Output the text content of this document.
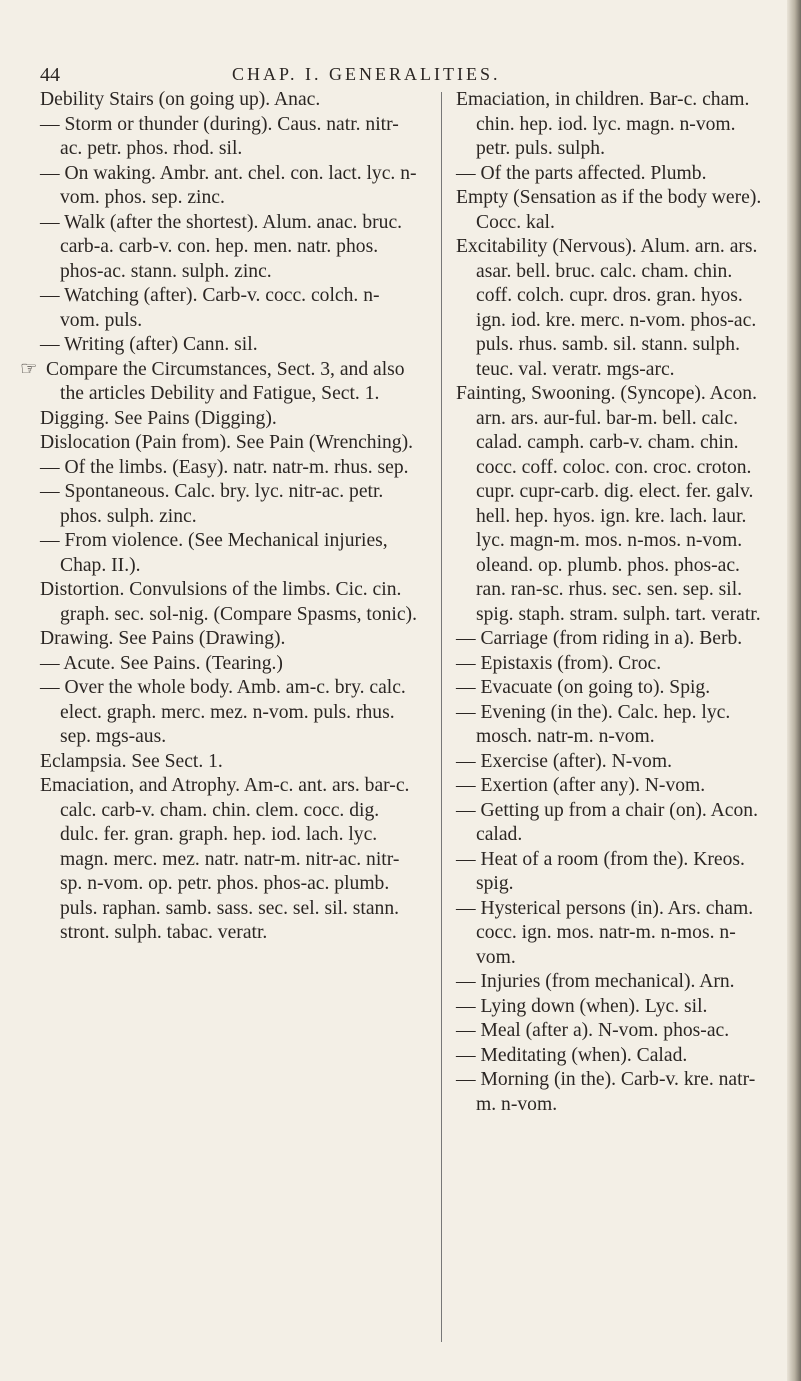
44	CHAP. I. GENERALITIES.

Debility Stairs (on going up). Anac.

— Storm or thunder (during). Caus. natr. nitr-ac. petr. phos. rhod. sil.

— On waking. Ambr. ant. chel. con. lact. lyc. n-vom. phos. sep. zinc.

— Walk (after the shortest). Alum. anac. bruc. carb-a. carb-v. con. hep. men. natr. phos. phos-ac. stann. sulph. zinc.

— Watching (after). Carb-v. cocc. colch. n-vom. puls.

— Writing (after) Cann. sil.

☞ Compare the Circumstances, Sect. 3, and also the articles Debility and Fatigue, Sect. 1.

Digging. See Pains (Digging).

Dislocation (Pain from). See Pain (Wrenching).

— Of the limbs. (Easy). natr. natr-m. rhus. sep.

— Spontaneous. Calc. bry. lyc. nitr-ac. petr. phos. sulph. zinc.

— From violence. (See Mechanical injuries, Chap. II.).

Distortion. Convulsions of the limbs. Cic. cin. graph. sec. sol-nig. (Compare Spasms, tonic).

Drawing. See Pains (Drawing).

— Acute. See Pains. (Tearing.)

— Over the whole body. Amb. am-c. bry. calc. elect. graph. merc. mez. n-vom. puls. rhus. sep. mgs-aus.

Eclampsia. See Sect. 1.

Emaciation, and Atrophy. Am-c. ant. ars. bar-c. calc. carb-v. cham. chin. clem. cocc. dig. dulc. fer. gran. graph. hep. iod. lach. lyc. magn. merc. mez. natr. natr-m. nitr-ac. nitr-sp. n-vom. op. petr. phos. phos-ac. plumb. puls. raphan. samb. sass. sec. sel. sil. stann. stront. sulph. tabac. veratr.

Emaciation, in children. Bar-c. cham. chin. hep. iod. lyc. magn. n-vom. petr. puls. sulph.

— Of the parts affected. Plumb.

Empty (Sensation as if the body were). Cocc. kal.

Excitability (Nervous). Alum. arn. ars. asar. bell. bruc. calc. cham. chin. coff. colch. cupr. dros. gran. hyos. ign. iod. kre. merc. n-vom. phos-ac. puls. rhus. samb. sil. stann. sulph. teuc. val. veratr. mgs-arc.

Fainting, Swooning. (Syncope). Acon. arn. ars. aur-ful. bar-m. bell. calc. calad. camph. carb-v. cham. chin. cocc. coff. coloc. con. croc. croton. cupr. cupr-carb. dig. elect. fer. galv. hell. hep. hyos. ign. kre. lach. laur. lyc. magn-m. mos. n-mos. n-vom. oleand. op. plumb. phos. phos-ac. ran. ran-sc. rhus. sec. sen. sep. sil. spig. staph. stram. sulph. tart. veratr.

— Carriage (from riding in a). Berb.

— Epistaxis (from). Croc.

— Evacuate (on going to). Spig.

— Evening (in the). Calc. hep. lyc. mosch. natr-m. n-vom.

— Exercise (after). N-vom.

— Exertion (after any). N-vom.

— Getting up from a chair (on). Acon. calad.

— Heat of a room (from the). Kreos. spig.

— Hysterical persons (in). Ars. cham. cocc. ign. mos. natr-m. n-mos. n-vom.

— Injuries (from mechanical). Arn.

— Lying down (when). Lyc. sil.

— Meal (after a). N-vom. phos-ac.

— Meditating (when). Calad.

— Morning (in the). Carb-v. kre. natr-m. n-vom.
